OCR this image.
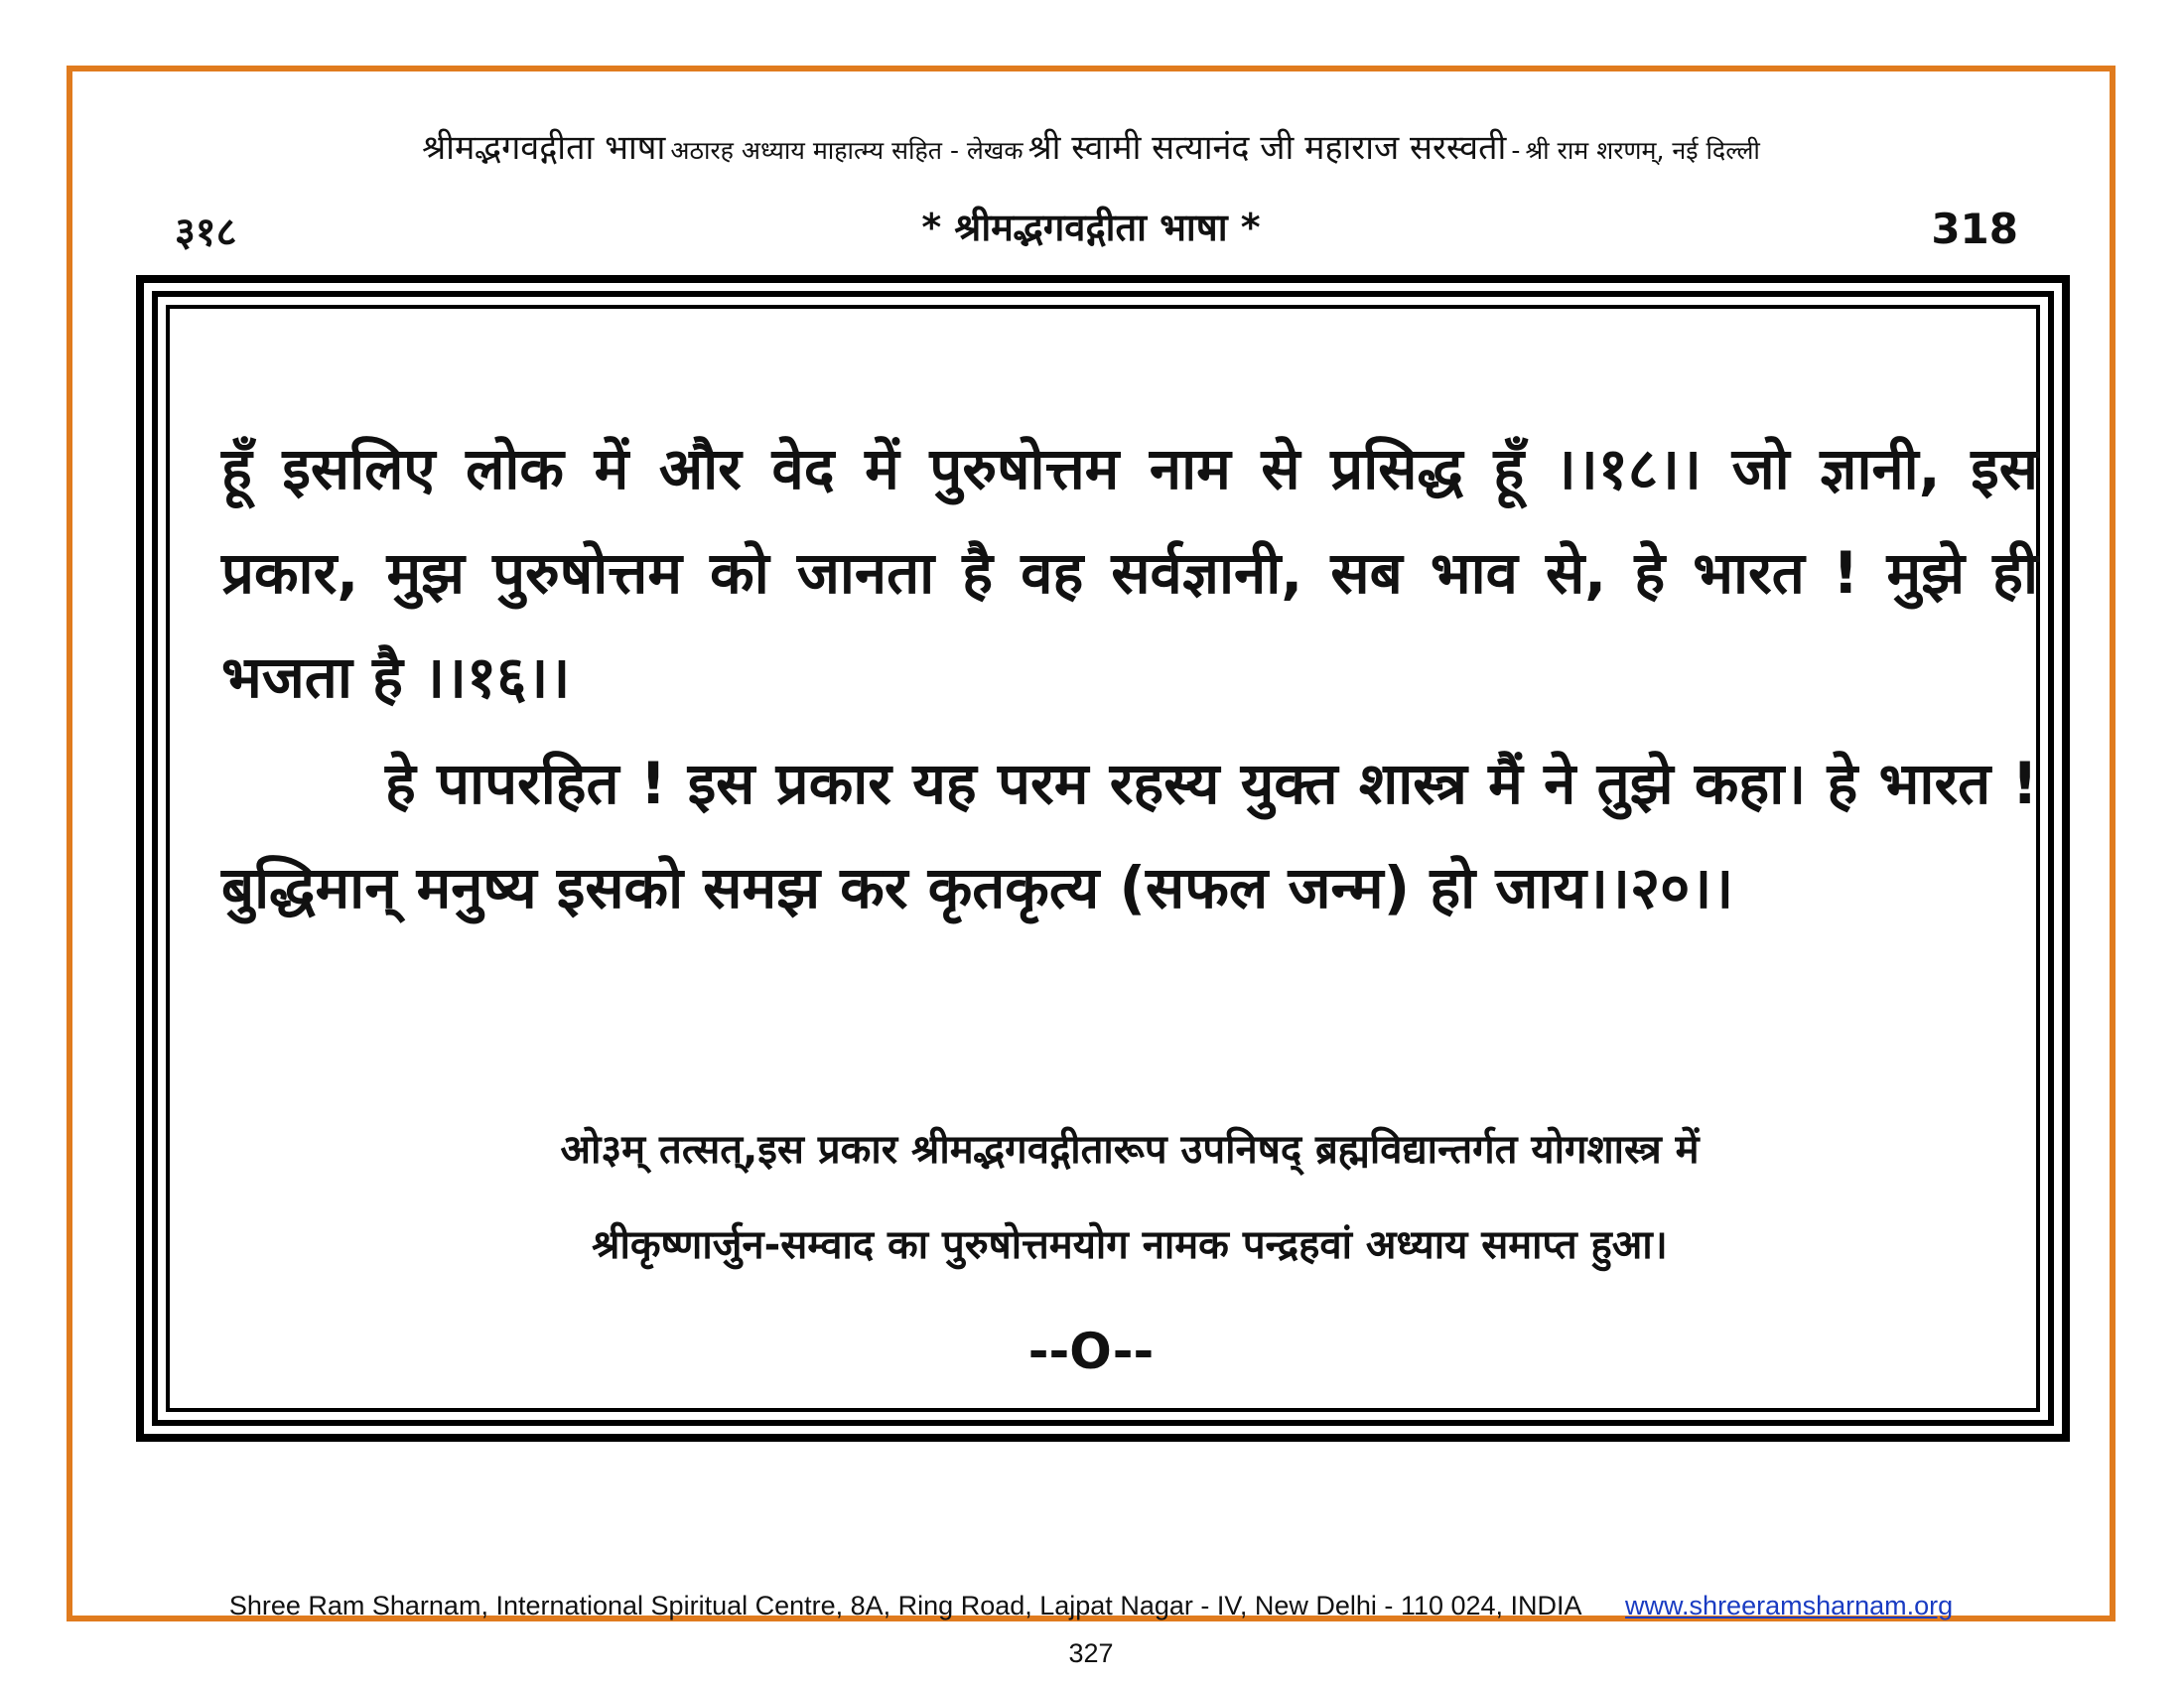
श्रीमद्भगवद्गीता भाषा अठारह अध्याय माहात्म्य सहित - लेखक श्री स्वामी सत्यानंद जी महाराज सरस्वती - श्री राम शरणम्, नई दिल्ली
३१८	* श्रीमद्भगवद्गीता भाषा *	318

हूँ इसलिए लोक में और वेद में पुरुषोत्तम नाम से प्रसिद्ध हूँ ।।१८।। जो ज्ञानी, इस प्रकार, मुझ पुरुषोत्तम को जानता है वह सर्वज्ञानी, सब भाव से, हे भारत ! मुझे ही भजता है ।।१६।।

हे पापरहित ! इस प्रकार यह परम रहस्य युक्त शास्त्र मैं ने तुझे कहा। हे भारत ! बुद्धिमान् मनुष्य इसको समझ कर कृतकृत्य (सफल जन्म) हो जाय।।२०।।

ओ३म् तत्सत्,इस प्रकार श्रीमद्भगवद्गीतारूप उपनिषद् ब्रह्मविद्यान्तर्गत योगशास्त्र में
श्रीकृष्णार्जुन-सम्वाद का पुरुषोत्तमयोग नामक पन्द्रहवां अध्याय समाप्त हुआ।
--O--
Shree Ram Sharnam, International Spiritual Centre, 8A, Ring Road, Lajpat Nagar - IV, New Delhi - 110 024, INDIA www.shreeramsharnam.org
327
